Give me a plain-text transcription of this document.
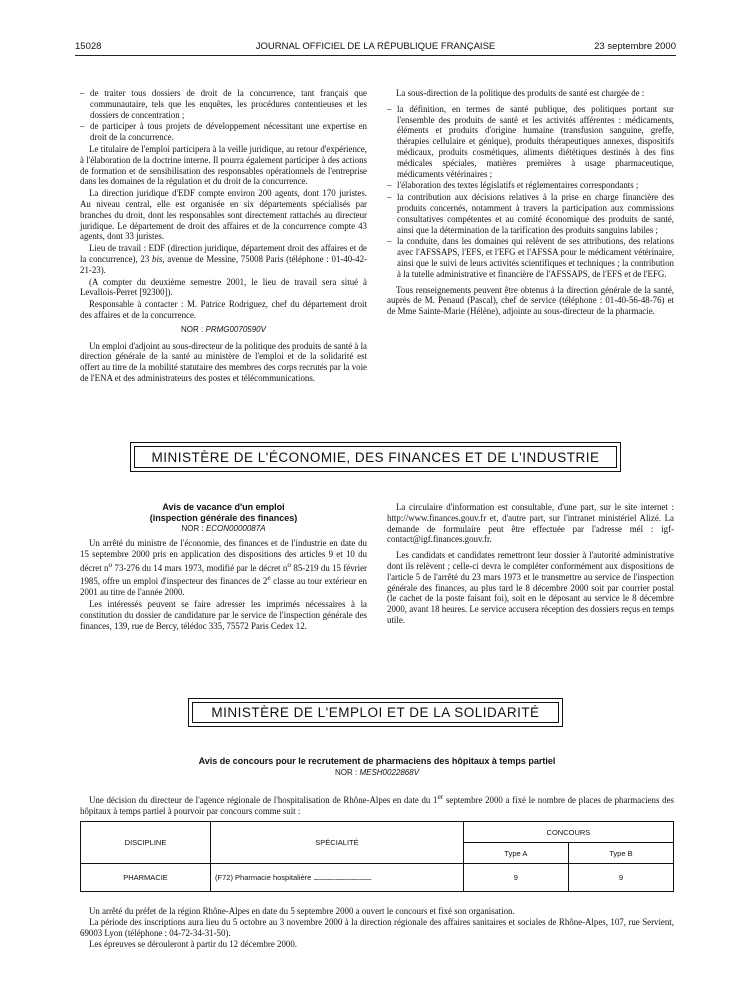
15028	JOURNAL OFFICIEL DE LA RÉPUBLIQUE FRANÇAISE	23 septembre 2000

– de traiter tous dossiers de droit de la concurrence, tant français que communautaire, tels que les enquêtes, les procédures contentieuses et les dossiers de concentration ;

– de participer à tous projets de développement nécessitant une expertise en droit de la concurrence.

Le titulaire de l'emploi participera à la veille juridique, au retour d'expérience, à l'élaboration de la doctrine interne. Il pourra également participer à des actions de formation et de sensibilisation des responsables opérationnels de l'entreprise dans les domaines de la régulation et du droit de la concurrence.

La direction juridique d'EDF compte environ 200 agents, dont 170 juristes. Au niveau central, elle est organisée en six départements spécialisés par branches du droit, dont les responsables sont directement rattachés au directeur juridique. Le département de droit des affaires et de la concurrence compte 43 agents, dont 33 juristes.

Lieu de travail : EDF (direction juridique, département droit des affaires et de la concurrence), 23 bis, avenue de Messine, 75008 Paris (téléphone : 01-40-42-21-23).

(A compter du deuxième semestre 2001, le lieu de travail sera situé à Levallois-Perret [92300]).

Responsable à contacter : M. Patrice Rodriguez, chef du département droit des affaires et de la concurrence.

NOR : PRMG0070590V

Un emploi d'adjoint au sous-directeur de la politique des produits de santé à la direction générale de la santé au ministère de l'emploi et de la solidarité est offert au titre de la mobilité statutaire des membres des corps recrutés par la voie de l'ENA et des administrateurs des postes et télécommunications.

La sous-direction de la politique des produits de santé est chargée de :

– la définition, en termes de santé publique, des politiques portant sur l'ensemble des produits de santé et les activités afférentes : médicaments, éléments et produits d'origine humaine (transfusion sanguine, greffe, thérapies cellulaire et génique), produits thérapeutiques annexes, dispositifs médicaux, produits cosmétiques, aliments diététiques destinés à des fins médicales spéciales, matières premières à usage pharmaceutique, médicaments vétérinaires ;

– l'élaboration des textes législatifs et réglementaires correspondants ;

– la contribution aux décisions relatives à la prise en charge financière des produits concernés, notamment à travers la participation aux commissions consultatives compétentes et au comité économique des produits de santé, ainsi que la détermination de la tarification des produits sanguins labiles ;

– la conduite, dans les domaines qui relèvent de ses attributions, des relations avec l'AFSSAPS, l'EFS, et l'EFG et l'AFSSA pour le médicament vétérinaire, ainsi que le suivi de leurs activités scientifiques et techniques ; la contribution à la tutelle administrative et financière de l'AFSSAPS, de l'EFS et de l'EFG.

Tous renseignements peuvent être obtenus à la direction générale de la santé, auprès de M. Penaud (Pascal), chef de service (téléphone : 01-40-56-48-76) et de Mme Sainte-Marie (Hélène), adjointe au sous-directeur de la pharmacie.

MINISTÈRE DE L'ÉCONOMIE, DES FINANCES ET DE L'INDUSTRIE
Avis de vacance d'un emploi
(inspection générale des finances)
NOR : ECON0000087A

Un arrêté du ministre de l'économie, des finances et de l'industrie en date du 15 septembre 2000 pris en application des dispositions des articles 9 et 10 du décret $n^o$ 73-276 du 14 mars 1973, modifié par le décret $n^o$ 85-219 du 15 février 1985, offre un emploi d'inspecteur des finances de 2e classe au tour extérieur en 2001 au titre de l'année 2000.

Les intéressés peuvent se faire adresser les imprimés nécessaires à la constitution du dossier de candidature par le service de l'inspection générale des finances, 139, rue de Bercy, télédoc 335, 75572 Paris Cedex 12.

La circulaire d'information est consultable, d'une part, sur le site internet : http://www.finances.gouv.fr et, d'autre part, sur l'intranet ministériel Alizé. La demande de formulaire peut être effectuée par l'adresse mél : igf-contact@igf.finances.gouv.fr.

Les candidats et candidates remettront leur dossier à l'autorité administrative dont ils relèvent ; celle-ci devra le compléter conformément aux dispositions de l'article 5 de l'arrêté du 23 mars 1973 et le transmettre au service de l'inspection générale des finances, au plus tard le 8 décembre 2000 soit par courrier postal (le cachet de la poste faisant foi), soit en le déposant au service le 8 décembre 2000, avant 18 heures. Le service accusera réception des dossiers reçus en temps utile.

MINISTÈRE DE L'EMPLOI ET DE LA SOLIDARITÉ
Avis de concours pour le recrutement de pharmaciens des hôpitaux à temps partiel
NOR : MESH0022868V

Une décision du directeur de l'agence régionale de l'hospitalisation de Rhône-Alpes en date du 1er septembre 2000 a fixé le nombre de places de pharmaciens des hôpitaux à temps partiel à pourvoir par concours comme suit :

DISCIPLINE	SPÉCIALITÉ	CONCOURS	
		Type A	Type B
PHARMACIE	(F72) Pharmacie hospitalière .....................................................	9	9

Un arrêté du préfet de la région Rhône-Alpes en date du 5 septembre 2000 a ouvert le concours et fixé son organisation.

La période des inscriptions aura lieu du 5 octobre au 3 novembre 2000 à la direction régionale des affaires sanitaires et sociales de Rhône-Alpes, 107, rue Servient, 69003 Lyon (téléphone : 04-72-34-31-50).

Les épreuves se dérouleront à partir du 12 décembre 2000.
